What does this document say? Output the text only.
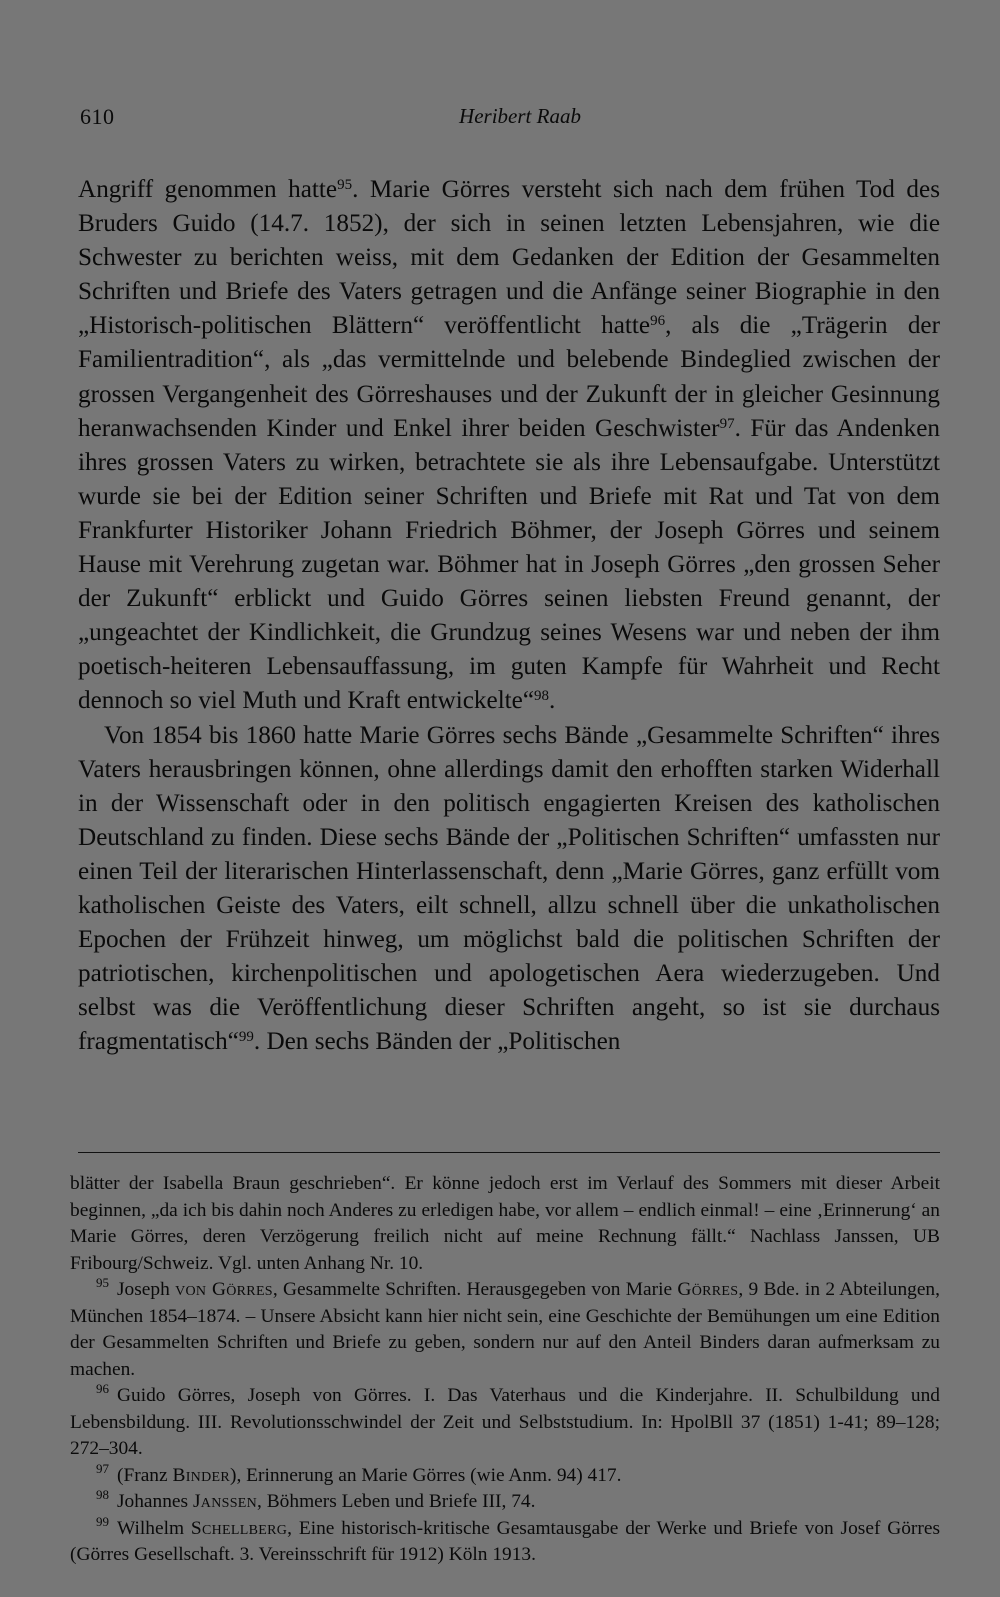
610	Heribert Raab

Angriff genommen hatte$^{95}$. Marie Görres versteht sich nach dem frühen Tod des Bruders Guido (14.7. 1852), der sich in seinen letzten Lebensjahren, wie die Schwester zu berichten weiss, mit dem Gedanken der Edition der Gesammelten Schriften und Briefe des Vaters getragen und die Anfänge seiner Biographie in den „Historisch-politischen Blättern“ veröffentlicht hatte$^{96}$, als die „Trägerin der Familientradition“, als „das vermittelnde und belebende Bindeglied zwischen der grossen Vergangenheit des Görreshauses und der Zukunft der in gleicher Gesinnung heranwachsenden Kinder und Enkel ihrer beiden Geschwister$^{97}$. Für das Andenken ihres grossen Vaters zu wirken, betrachtete sie als ihre Lebensaufgabe. Unterstützt wurde sie bei der Edition seiner Schriften und Briefe mit Rat und Tat von dem Frankfurter Historiker Johann Friedrich Böhmer, der Joseph Görres und seinem Hause mit Verehrung zugetan war. Böhmer hat in Joseph Görres „den grossen Seher der Zukunft“ erblickt und Guido Görres seinen liebsten Freund genannt, der „ungeachtet der Kindlichkeit, die Grundzug seines Wesens war und neben der ihm poetisch-heiteren Lebensauffassung, im guten Kampfe für Wahrheit und Recht dennoch so viel Muth und Kraft entwickelte“$^{98}$.

Von 1854 bis 1860 hatte Marie Görres sechs Bände „Gesammelte Schriften“ ihres Vaters herausbringen können, ohne allerdings damit den erhofften starken Widerhall in der Wissenschaft oder in den politisch engagierten Kreisen des katholischen Deutschland zu finden. Diese sechs Bände der „Politischen Schriften“ umfassten nur einen Teil der literarischen Hinterlassenschaft, denn „Marie Görres, ganz erfüllt vom katholischen Geiste des Vaters, eilt schnell, allzu schnell über die unkatholischen Epochen der Frühzeit hinweg, um möglichst bald die politischen Schriften der patriotischen, kirchenpolitischen und apologetischen Aera wiederzugeben. Und selbst was die Veröffentlichung dieser Schriften angeht, so ist sie durchaus fragmentatisch“$^{99}$. Den sechs Bänden der „Politischen

blätter der Isabella Braun geschrieben“. Er könne jedoch erst im Verlauf des Sommers mit dieser Arbeit beginnen, „da ich bis dahin noch Anderes zu erledigen habe, vor allem – endlich einmal! – eine ‚Erinnerung‘ an Marie Görres, deren Verzögerung freilich nicht auf meine Rechnung fällt.“ Nachlass Janssen, UB Fribourg/Schweiz. Vgl. unten Anhang Nr. 10.

$^{95}$ Joseph von Görres, Gesammelte Schriften. Herausgegeben von Marie Görres, 9 Bde. in 2 Abteilungen, München 1854–1874. – Unsere Absicht kann hier nicht sein, eine Geschichte der Bemühungen um eine Edition der Gesammelten Schriften und Briefe zu geben, sondern nur auf den Anteil Binders daran aufmerksam zu machen.

$^{96}$ Guido Görres, Joseph von Görres. I. Das Vaterhaus und die Kinderjahre. II. Schulbildung und Lebensbildung. III. Revolutionsschwindel der Zeit und Selbststudium. In: HpolBll 37 (1851) 1-41; 89–128; 272–304.

$^{97}$ (Franz Binder), Erinnerung an Marie Görres (wie Anm. 94) 417.

$^{98}$ Johannes Janssen, Böhmers Leben und Briefe III, 74.

$^{99}$ Wilhelm Schellberg, Eine historisch-kritische Gesamtausgabe der Werke und Briefe von Josef Görres (Görres Gesellschaft. 3. Vereinsschrift für 1912) Köln 1913.
